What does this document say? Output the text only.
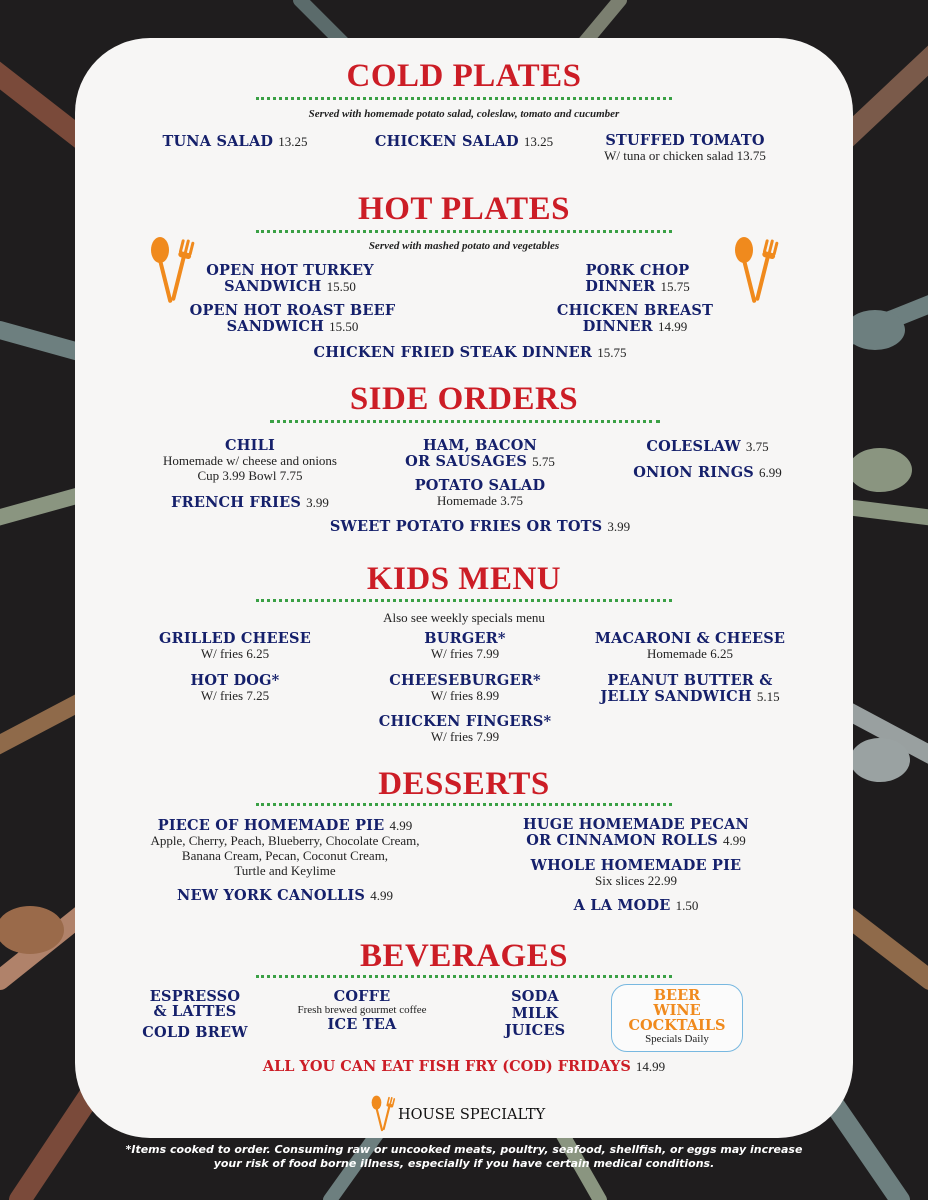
COLD PLATES
Served with homemade potato salad, coleslaw, tomato and cucumber
TUNA SALAD 13.25	CHICKEN SALAD 13.25	STUFFED TOMATO
W/ tuna or chicken salad 13.75
HOT PLATES
Served with mashed potato and vegetables
OPEN HOT TURKEY
SANDWICH 15.50
OPEN HOT ROAST BEEF
SANDWICH 15.50
PORK CHOP
DINNER 15.75
CHICKEN BREAST
DINNER 14.99
CHICKEN FRIED STEAK DINNER 15.75
SIDE ORDERS
CHILI
Homemade w/ cheese and onions
Cup 3.99 Bowl 7.75
FRENCH FRIES 3.99
HAM, BACON
OR SAUSAGES 5.75
POTATO SALAD
Homemade 3.75
COLESLAW 3.75
ONION RINGS 6.99
SWEET POTATO FRIES OR TOTS 3.99
KIDS MENU
Also see weekly specials menu
GRILLED CHEESE
W/ fries 6.25
HOT DOG*
W/ fries 7.25
BURGER*
W/ fries 7.99
CHEESEBURGER*
W/ fries 8.99
CHICKEN FINGERS*
W/ fries 7.99
MACARONI & CHEESE
Homemade 6.25
PEANUT BUTTER &
JELLY SANDWICH 5.15
DESSERTS
PIECE OF HOMEMADE PIE 4.99
Apple, Cherry, Peach, Blueberry, Chocolate Cream,
Banana Cream, Pecan, Coconut Cream,
Turtle and Keylime
NEW YORK CANOLLIS 4.99
HUGE HOMEMADE PECAN
OR CINNAMON ROLLS 4.99
WHOLE HOMEMADE PIE
Six slices 22.99
A LA MODE 1.50
BEVERAGES
ESPRESSO
& LATTES
COLD BREW
COFFE
Fresh brewed gourmet coffee
ICE TEA
SODA
MILK
JUICES
BEER
WINE
COCKTAILS
Specials Daily
ALL YOU CAN EAT FISH FRY (COD) FRIDAYS 14.99
HOUSE SPECIALTY
*Items cooked to order. Consuming raw or uncooked meats, poultry, seafood, shellfish, or eggs may increase
your risk of food borne illness, especially if you have certain medical conditions.
